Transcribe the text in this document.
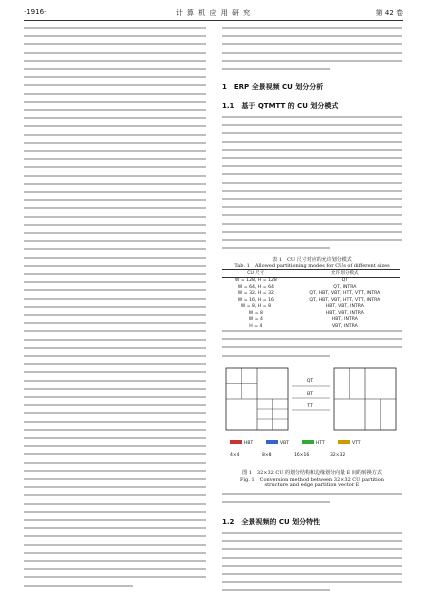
·1916·	计 算 机 应 用 研 究	第 42 卷
1　ERP 全景视频 CU 划分分析
1.1　基于 QTMTT 的 CU 划分模式
表 1　CU 尺寸对应的允许划分模式
Tab. 1　Allowed partitioning modes for CUs of different sizes
CU 尺寸	允许划分模式
W = 128, H = 128	QT
W = 64, H = 64	QT, INTRA
W = 32, H = 32	QT, HBT, VBT, HTT, VTT, INTRA
W = 16, H = 16	QT, HBT, VBT, HTT, VTT, INTRA
W = 8, H = 8	HBT, VBT, INTRA
W = 8	HBT, VBT, INTRA
W = 4	HBT, INTRA
H = 4	VBT, INTRA
QT
BT
TT
HBT	VBT	HTT	VTT
4×4	8×8	16×16	32×32
图 1　32×32 CU 的划分结构和边缘划分向量 E 间的转换方式
Fig. 1　Conversion method between 32×32 CU partition
structure and edge partition vector E
1.2　全景视频的 CU 划分特性
